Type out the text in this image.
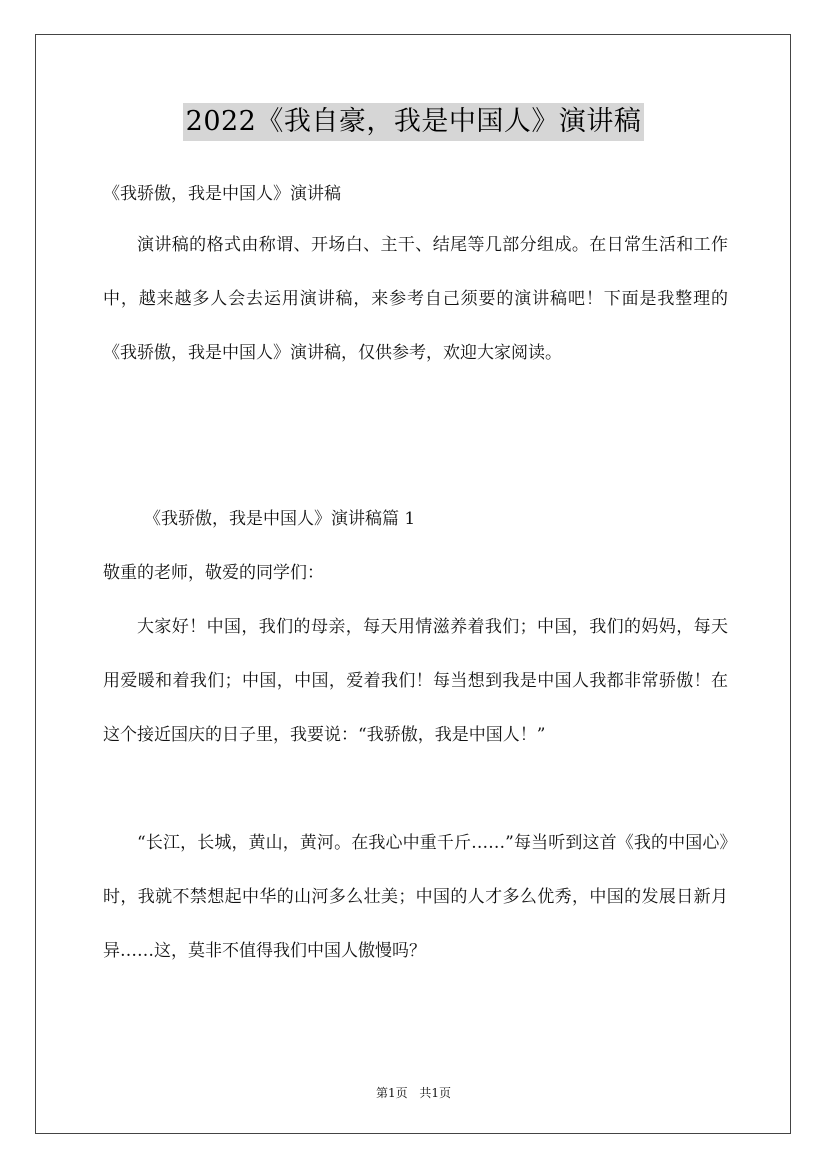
2022《我自豪，我是中国人》演讲稿
《我骄傲，我是中国人》演讲稿

演讲稿的格式由称谓、开场白、主干、结尾等几部分组成。在日常生活和工作中，越来越多人会去运用演讲稿，来参考自己须要的演讲稿吧！下面是我整理的《我骄傲，我是中国人》演讲稿，仅供参考，欢迎大家阅读。

《我骄傲，我是中国人》演讲稿篇 1
敬重的老师，敬爱的同学们：

大家好！中国，我们的母亲，每天用情滋养着我们；中国，我们的妈妈，每天用爱暖和着我们；中国，中国，爱着我们！每当想到我是中国人我都非常骄傲！在这个接近国庆的日子里，我要说：“我骄傲，我是中国人！”

“长江，长城，黄山，黄河。在我心中重千斤……”每当听到这首《我的中国心》时，我就不禁想起中华的山河多么壮美；中国的人才多么优秀，中国的发展日新月异……这，莫非不值得我们中国人傲慢吗？

第1页 共1页
